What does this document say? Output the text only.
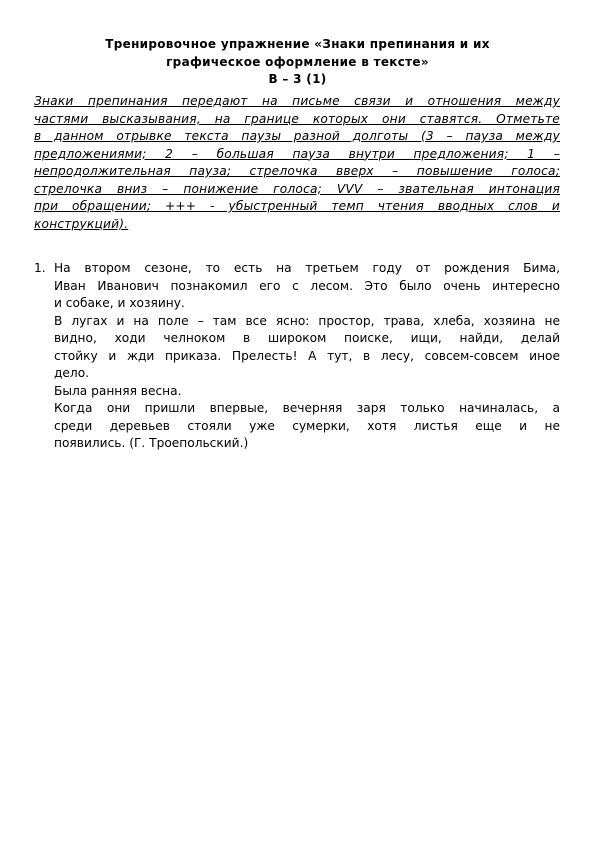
Тренировочное упражнение «Знаки препинания и их
графическое оформление в тексте»
В – 3 (1)
Знаки препинания передают на письме связи и отношения между
частями высказывания, на границе которых они ставятся. Отметьте
в данном отрывке текста паузы разной долготы (3 – пауза между
предложениями; 2 – большая пауза внутри предложения; 1 –
непродолжительная пауза; стрелочка вверх – повышение голоса;
стрелочка вниз – понижение голоса; VVV – звательная интонация
при обращении; +++ - убыстренный темп чтения вводных слов и
конструкций).
1. На втором сезоне, то есть на третьем году от рождения Бима,
Иван Иванович познакомил его с лесом. Это было очень интересно
и собаке, и хозяину.
В лугах и на поле – там все ясно: простор, трава, хлеба, хозяина не
видно, ходи челноком в широком поиске, ищи, найди, делай
стойку и жди приказа. Прелесть! А тут, в лесу, совсем-совсем иное
дело.
Была ранняя весна.
Когда они пришли впервые, вечерняя заря только начиналась, а
среди деревьев стояли уже сумерки, хотя листья еще и не
появились. (Г. Троепольский.)
